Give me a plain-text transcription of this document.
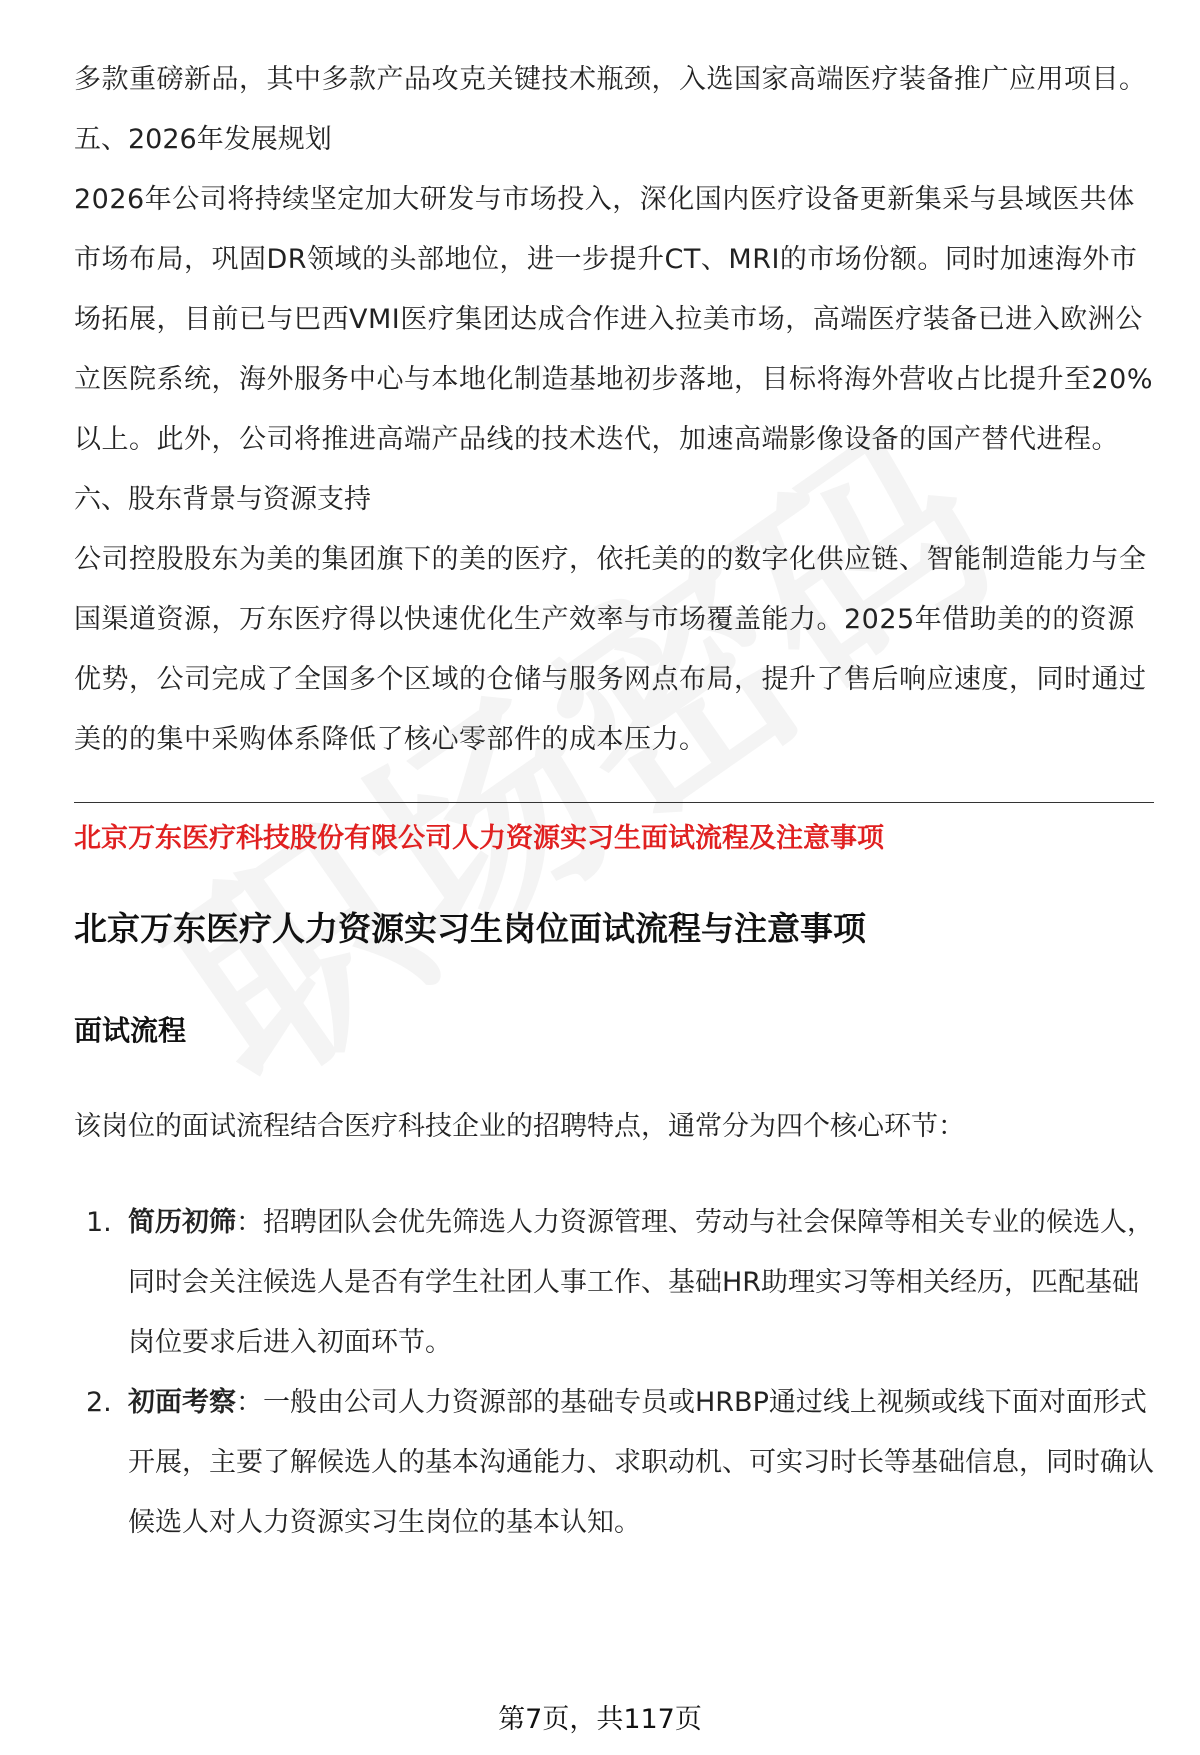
多款重磅新品，其中多款产品攻克关键技术瓶颈，入选国家高端医疗装备推广应用项目。

五、2026年发展规划

2026年公司将持续坚定加大研发与市场投入，深化国内医疗设备更新集采与县域医共体市场布局，巩固DR领域的头部地位，进一步提升CT、MRI的市场份额。同时加速海外市场拓展，目前已与巴西VMI医疗集团达成合作进入拉美市场，高端医疗装备已进入欧洲公立医院系统，海外服务中心与本地化制造基地初步落地，目标将海外营收占比提升至20%以上。此外，公司将推进高端产品线的技术迭代，加速高端影像设备的国产替代进程。

六、股东背景与资源支持

公司控股股东为美的集团旗下的美的医疗，依托美的的数字化供应链、智能制造能力与全国渠道资源，万东医疗得以快速优化生产效率与市场覆盖能力。2025年借助美的的资源优势，公司完成了全国多个区域的仓储与服务网点布局，提升了售后响应速度，同时通过美的的集中采购体系降低了核心零部件的成本压力。

北京万东医疗科技股份有限公司人力资源实习生面试流程及注意事项
北京万东医疗人力资源实习生岗位面试流程与注意事项
面试流程

该岗位的面试流程结合医疗科技企业的招聘特点，通常分为四个核心环节：

1. 简历初筛：招聘团队会优先筛选人力资源管理、劳动与社会保障等相关专业的候选人，同时会关注候选人是否有学生社团人事工作、基础HR助理实习等相关经历，匹配基础岗位要求后进入初面环节。
2. 初面考察：一般由公司人力资源部的基础专员或HRBP通过线上视频或线下面对面形式开展，主要了解候选人的基本沟通能力、求职动机、可实习时长等基础信息，同时确认候选人对人力资源实习生岗位的基本认知。
第7页，共117页
